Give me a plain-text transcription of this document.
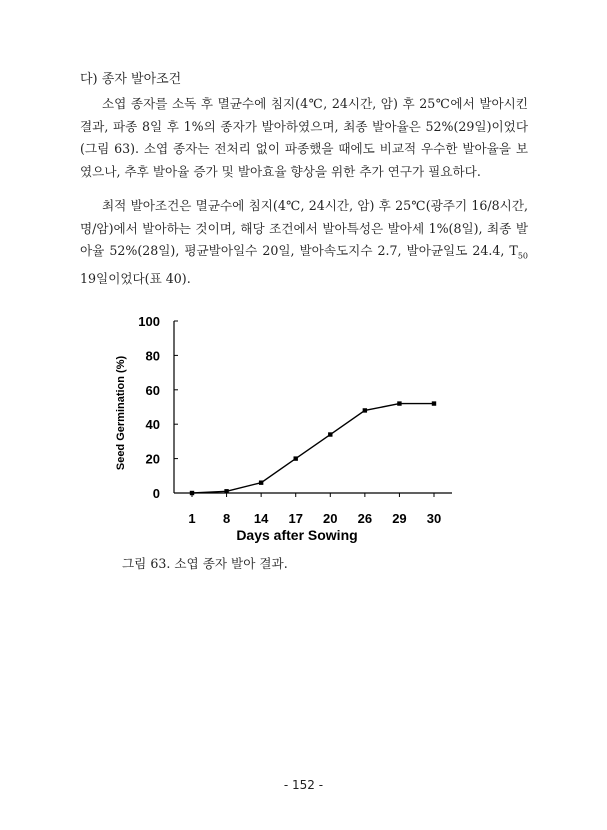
다) 종자 발아조건

소엽 종자를 소독 후 멸균수에 침지(4℃, 24시간, 암) 후 25℃에서 발아시킨 결과, 파종 8일 후 1%의 종자가 발아하였으며, 최종 발아율은 52%(29일)이었다(그림 63). 소엽 종자는 전처리 없이 파종했을 때에도 비교적 우수한 발아율을 보였으나, 추후 발아율 증가 및 발아효율 향상을 위한 추가 연구가 필요하다.

최적 발아조건은 멸균수에 침지(4℃, 24시간, 암) 후 25℃(광주기 16/8시간, 명/암)에서 발아하는 것이며, 해당 조건에서 발아특성은 발아세 1%(8일), 최종 발아율 52%(28일), 평균발아일수 20일, 발아속도지수 2.7, 발아균일도 24.4, $T_{50}$ 19일이었다(표 40).

0
20
40
60
80
100
1 8 14 17 20 26 29 30
Days after Sowing
Seed Germination (%)
그림 63. 소엽 종자 발아 결과.
- 152 -
